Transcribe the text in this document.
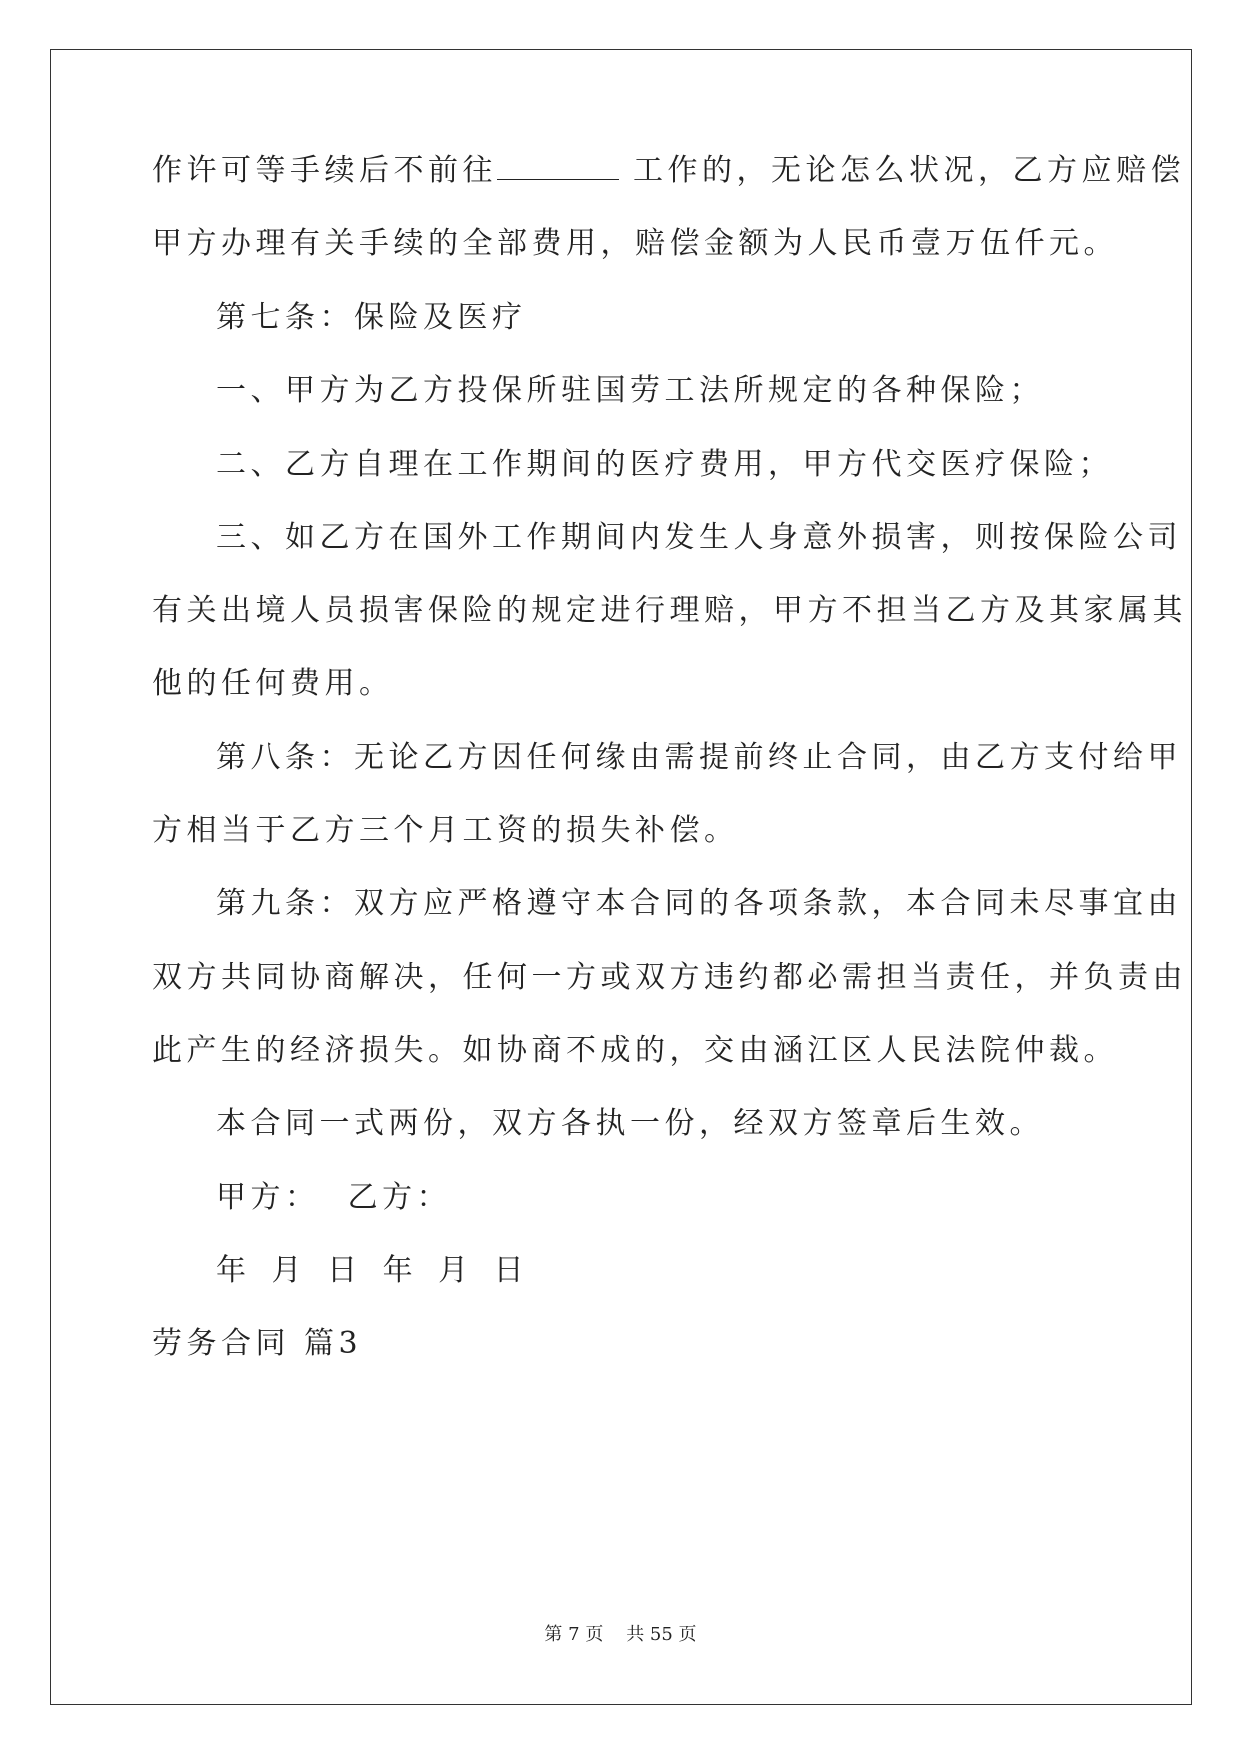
作许可等手续后不前往	工作的，无论怎么状况，乙方应赔偿
甲方办理有关手续的全部费用，赔偿金额为人民币壹万伍仟元。
第七条：保险及医疗
一、甲方为乙方投保所驻国劳工法所规定的各种保险；
二、乙方自理在工作期间的医疗费用，甲方代交医疗保险；
三、如乙方在国外工作期间内发生人身意外损害，则按保险公司
有关出境人员损害保险的规定进行理赔，甲方不担当乙方及其家属其
他的任何费用。
第八条：无论乙方因任何缘由需提前终止合同，由乙方支付给甲
方相当于乙方三个月工资的损失补偿。
第九条：双方应严格遵守本合同的各项条款，本合同未尽事宜由
双方共同协商解决，任何一方或双方违约都必需担当责任，并负责由
此产生的经济损失。如协商不成的，交由涵江区人民法院仲裁。
本合同一式两份，双方各执一份，经双方签章后生效。
甲方：  乙方：
年 月 日 年 月 日
劳务合同 篇3
第 7 页    共 55 页
